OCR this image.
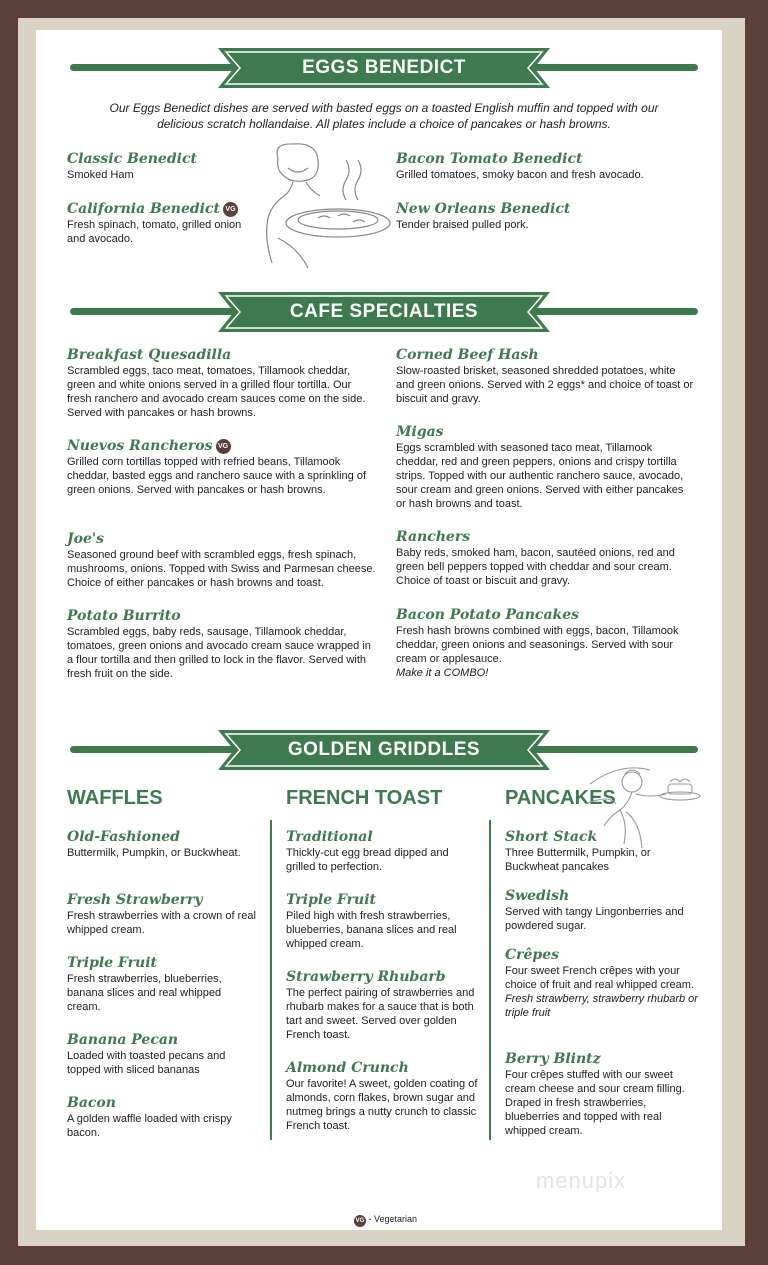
EGGS BENEDICT
Our Eggs Benedict dishes are served with basted eggs on a toasted English muffin and topped with our delicious scratch hollandaise. All plates include a choice of pancakes or hash browns.
Classic Benedict
Smoked Ham
California Benedict VG
Fresh spinach, tomato, grilled onion and avocado.
Bacon Tomato Benedict
Grilled tomatoes, smoky bacon and fresh avocado.
New Orleans Benedict
Tender braised pulled pork.
CAFE SPECIALTIES
Breakfast Quesadilla
Scrambled eggs, taco meat, tomatoes, Tillamook cheddar, green and white onions served in a grilled flour tortilla. Our fresh ranchero and avocado cream sauces come on the side. Served with pancakes or hash browns.
Nuevos Rancheros VG
Grilled corn tortillas topped with refried beans, Tillamook cheddar, basted eggs and ranchero sauce with a sprinkling of green onions. Served with pancakes or hash browns.
Joe's
Seasoned ground beef with scrambled eggs, fresh spinach, mushrooms, onions. Topped with Swiss and Parmesan cheese. Choice of either pancakes or hash browns and toast.
Potato Burrito
Scrambled eggs, baby reds, sausage, Tillamook cheddar, tomatoes, green onions and avocado cream sauce wrapped in a flour tortilla and then grilled to lock in the flavor. Served with fresh fruit on the side.
Corned Beef Hash
Slow-roasted brisket, seasoned shredded potatoes, white and green onions. Served with 2 eggs* and choice of toast or biscuit and gravy.
Migas
Eggs scrambled with seasoned taco meat, Tillamook cheddar, red and green peppers, onions and crispy tortilla strips. Topped with our authentic ranchero sauce, avocado, sour cream and green onions. Served with either pancakes or hash browns and toast.
Ranchers
Baby reds, smoked ham, bacon, sautéed onions, red and green bell peppers topped with cheddar and sour cream. Choice of toast or biscuit and gravy.
Bacon Potato Pancakes
Fresh hash browns combined with eggs, bacon, Tillamook cheddar, green onions and seasonings. Served with sour cream or applesauce.
Make it a COMBO!
GOLDEN GRIDDLES
WAFFLES	FRENCH TOAST	PANCAKES
Old-Fashioned
Buttermilk, Pumpkin, or Buckwheat.
Fresh Strawberry
Fresh strawberries with a crown of real whipped cream.
Triple Fruit
Fresh strawberries, blueberries, banana slices and real whipped cream.
Banana Pecan
Loaded with toasted pecans and topped with sliced bananas
Bacon
A golden waffle loaded with crispy bacon.
Traditional
Thickly-cut egg bread dipped and grilled to perfection.
Triple Fruit
Piled high with fresh strawberries, blueberries, banana slices and real whipped cream.
Strawberry Rhubarb
The perfect pairing of strawberries and rhubarb makes for a sauce that is both tart and sweet. Served over golden French toast.
Almond Crunch
Our favorite! A sweet, golden coating of almonds, corn flakes, brown sugar and nutmeg brings a nutty crunch to classic French toast.
Short Stack
Three Buttermilk, Pumpkin, or Buckwheat pancakes
Swedish
Served with tangy Lingonberries and powdered sugar.
Crêpes
Four sweet French crêpes with your choice of fruit and real whipped cream.
Fresh strawberry, strawberry rhubarb or triple fruit
Berry Blintz
Four crêpes stuffed with our sweet cream cheese and sour cream filling. Draped in fresh strawberries, blueberries and topped with real whipped cream.
menupix
VG - Vegetarian
